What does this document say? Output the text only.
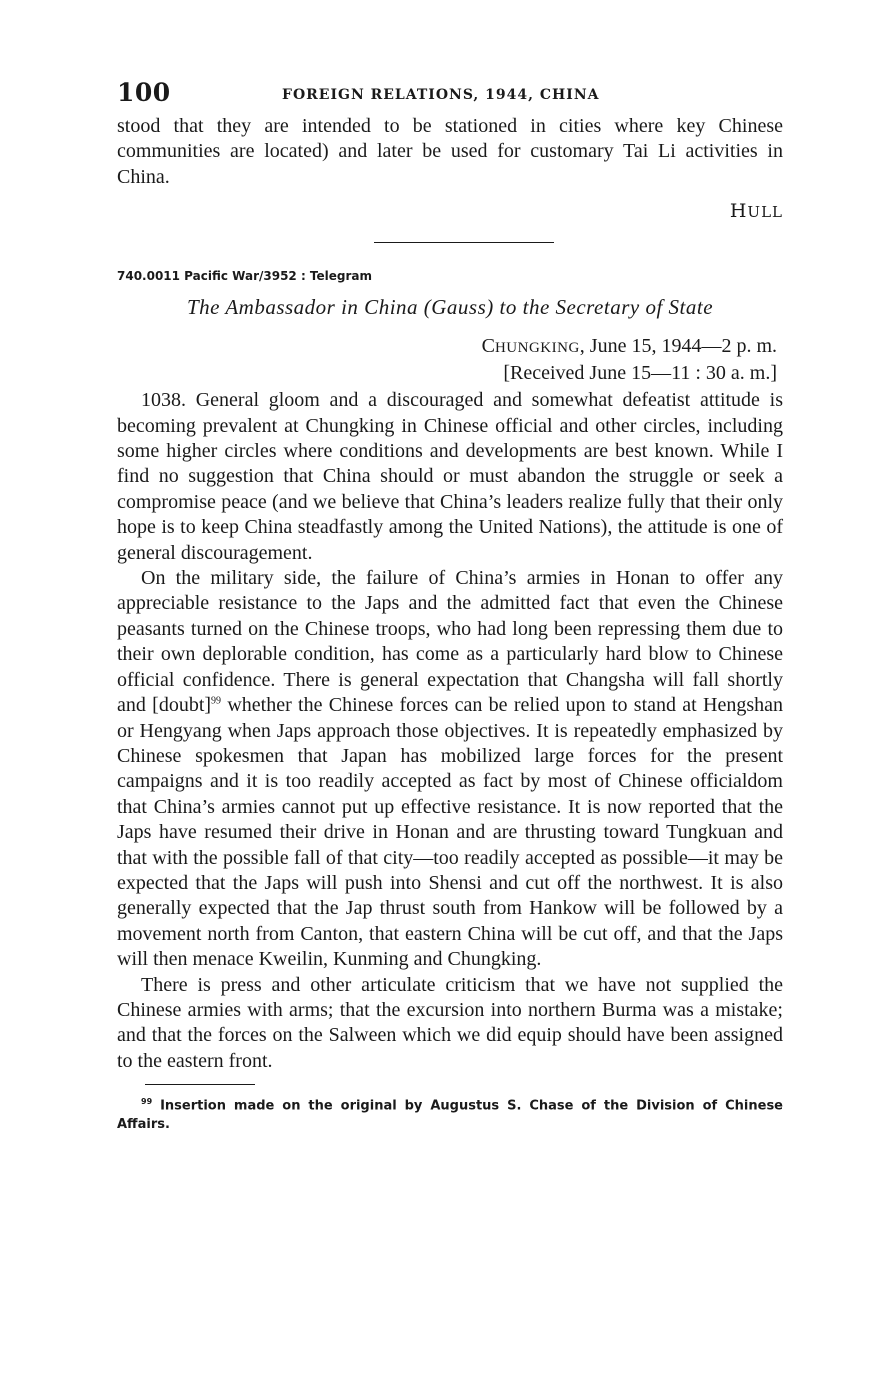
100	FOREIGN RELATIONS, 1944, CHINA

stood that they are intended to be stationed in cities where key Chinese communities are located) and later be used for customary Tai Li activities in China.

HULL
740.0011 Pacific War/3952 : Telegram
The Ambassador in China (Gauss) to the Secretary of State
CHUNGKING, June 15, 1944—2 p. m.
[Received June 15—11 : 30 a. m.]

1038. General gloom and a discouraged and somewhat defeatist attitude is becoming prevalent at Chungking in Chinese official and other circles, including some higher circles where conditions and developments are best known. While I find no suggestion that China should or must abandon the struggle or seek a compromise peace (and we believe that China’s leaders realize fully that their only hope is to keep China steadfastly among the United Nations), the attitude is one of general discouragement.

On the military side, the failure of China’s armies in Honan to offer any appreciable resistance to the Japs and the admitted fact that even the Chinese peasants turned on the Chinese troops, who had long been repressing them due to their own deplorable condition, has come as a particularly hard blow to Chinese official confidence. There is general expectation that Changsha will fall shortly and [doubt]$^{99}$ whether the Chinese forces can be relied upon to stand at Hengshan or Hengyang when Japs approach those objectives. It is repeatedly emphasized by Chinese spokesmen that Japan has mobilized large forces for the present campaigns and it is too readily accepted as fact by most of Chinese officialdom that China’s armies cannot put up effective resistance. It is now reported that the Japs have resumed their drive in Honan and are thrusting toward Tungkuan and that with the possible fall of that city—too readily accepted as possible—it may be expected that the Japs will push into Shensi and cut off the northwest. It is also generally expected that the Jap thrust south from Hankow will be followed by a movement north from Canton, that eastern China will be cut off, and that the Japs will then menace Kweilin, Kunming and Chungking.

There is press and other articulate criticism that we have not supplied the Chinese armies with arms; that the excursion into northern Burma was a mistake; and that the forces on the Salween which we did equip should have been assigned to the eastern front.

$^{99}$ Insertion made on the original by Augustus S. Chase of the Division of Chinese Affairs.
